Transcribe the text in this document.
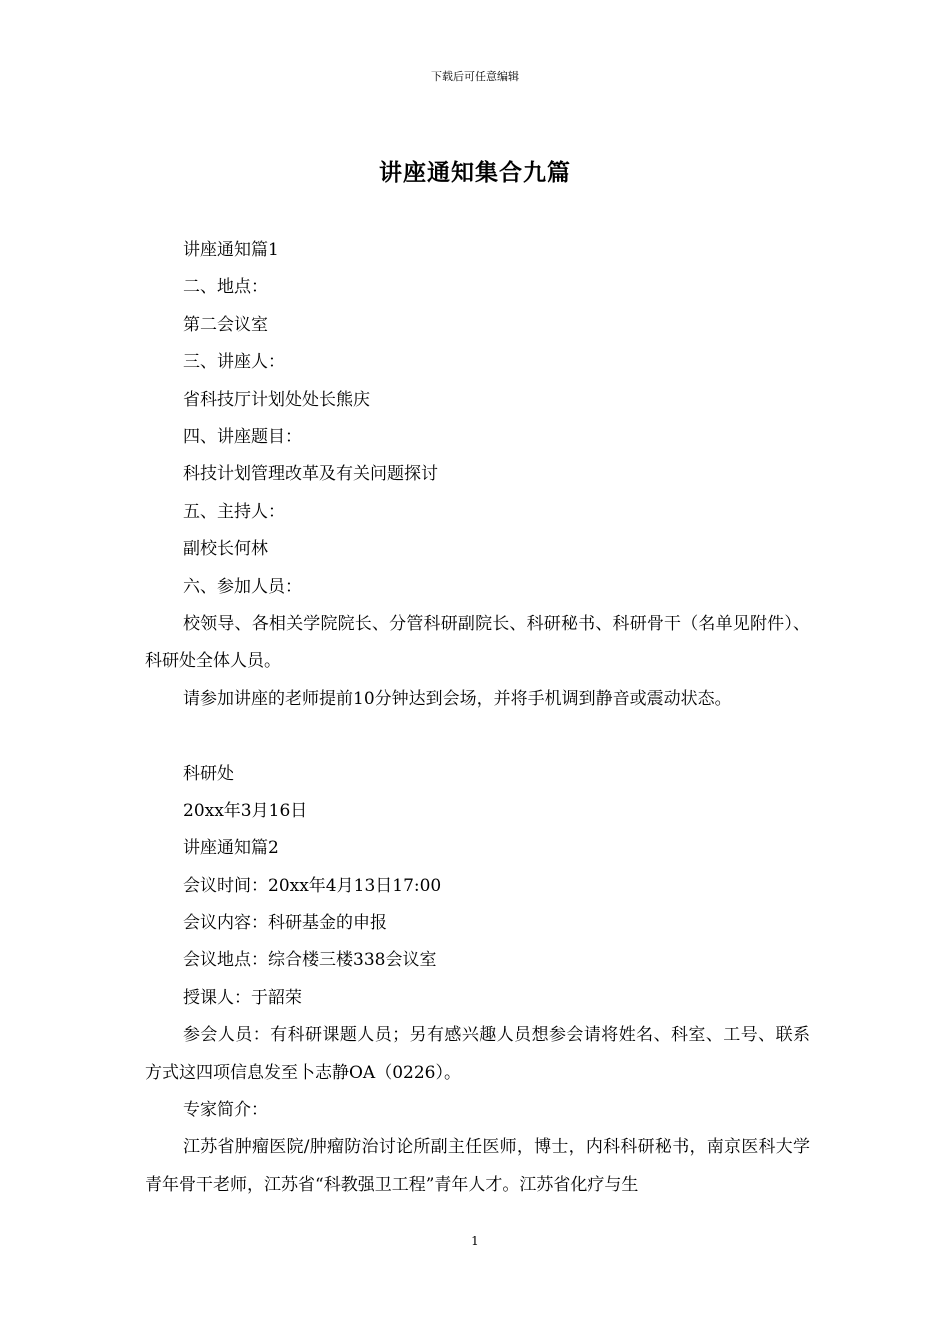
下载后可任意编辑
讲座通知集合九篇
讲座通知篇1
二、地点：
第二会议室
三、讲座人：
省科技厅计划处处长熊庆
四、讲座题目：
科技计划管理改革及有关问题探讨
五、主持人：
副校长何林
六、参加人员：
校领导、各相关学院院长、分管科研副院长、科研秘书、科研骨干（名单见附件）、科研处全体人员。
请参加讲座的老师提前10分钟达到会场，并将手机调到静音或震动状态。
科研处
20xx年3月16日
讲座通知篇2
会议时间：20xx年4月13日17:00
会议内容：科研基金的申报
会议地点：综合楼三楼338会议室
授课人：于韶荣
参会人员：有科研课题人员；另有感兴趣人员想参会请将姓名、科室、工号、联系方式这四项信息发至卜志静OA（0226）。
专家简介：
江苏省肿瘤医院/肿瘤防治讨论所副主任医师，博士，内科科研秘书，南京医科大学青年骨干老师，江苏省“科教强卫工程”青年人才。江苏省化疗与生
1
